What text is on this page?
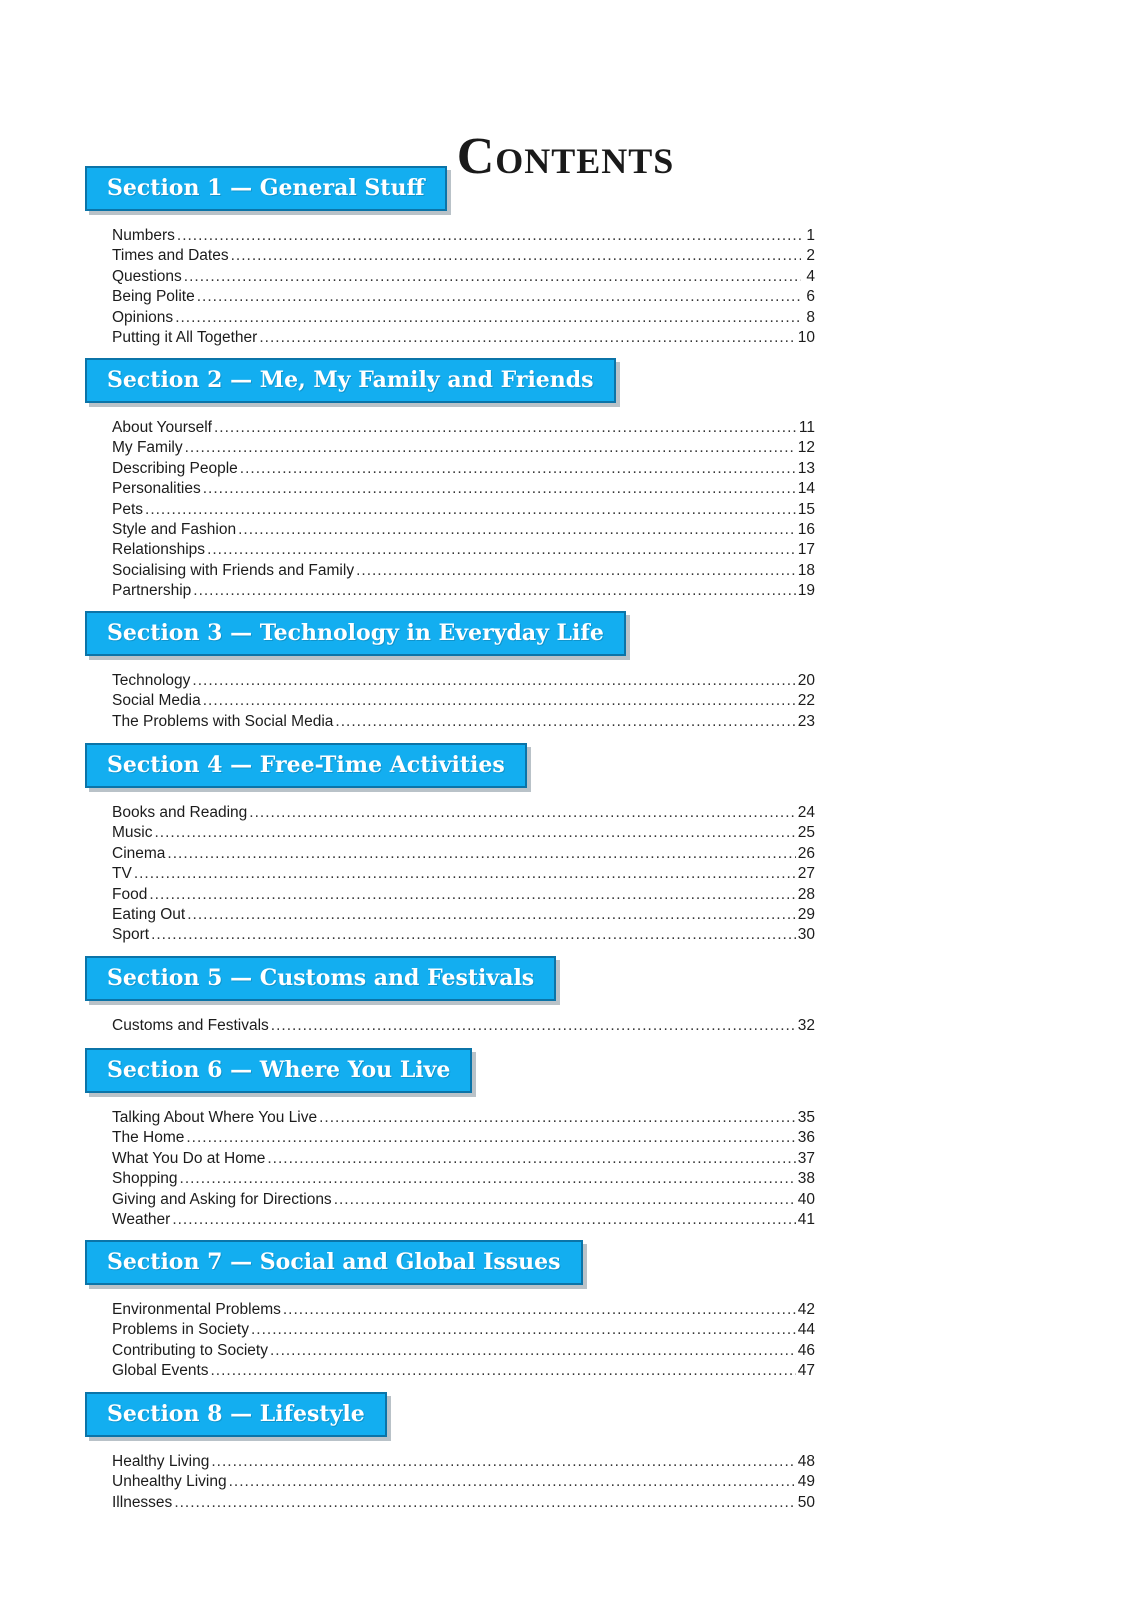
Contents
Section 1 — General Stuff
Numbers .....	1
Times and Dates .....	2
Questions .....	4
Being Polite .....	6
Opinions .....	8
Putting it All Together .....	10
Section 2 — Me, My Family and Friends
About Yourself .....	11
My Family .....	12
Describing People .....	13
Personalities .....	14
Pets .....	15
Style and Fashion .....	16
Relationships .....	17
Socialising with Friends and Family .....	18
Partnership .....	19
Section 3 — Technology in Everyday Life
Technology .....	20
Social Media .....	22
The Problems with Social Media .....	23
Section 4 — Free-Time Activities
Books and Reading .....	24
Music .....	25
Cinema .....	26
TV .....	27
Food .....	28
Eating Out .....	29
Sport .....	30
Section 5 — Customs and Festivals
Customs and Festivals .....	32
Section 6 — Where You Live
Talking About Where You Live .....	35
The Home .....	36
What You Do at Home .....	37
Shopping .....	38
Giving and Asking for Directions .....	40
Weather .....	41
Section 7 — Social and Global Issues
Environmental Problems .....	42
Problems in Society .....	44
Contributing to Society .....	46
Global Events .....	47
Section 8 — Lifestyle
Healthy Living .....	48
Unhealthy Living .....	49
Illnesses .....	50
